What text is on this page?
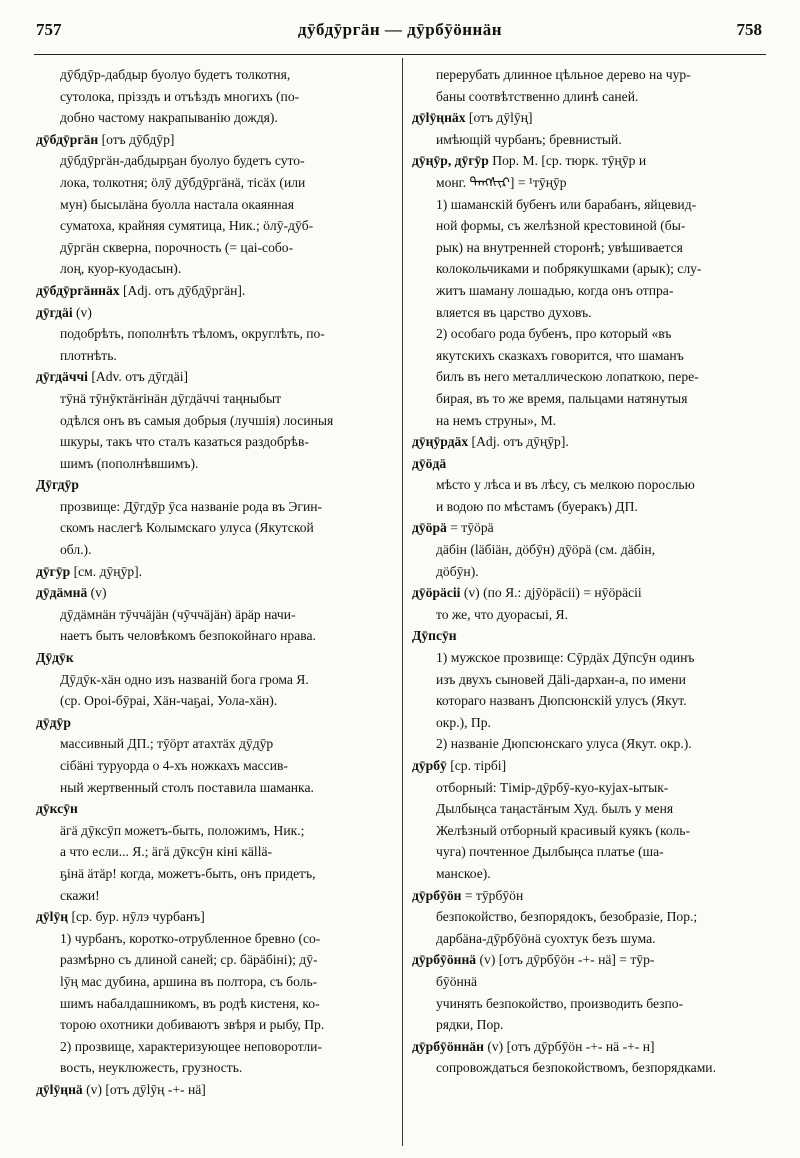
757	дӯбдӯргäн — дӯрбӯöннäн	758

дӯбдӯр-дабдыр буолуо будетъ толкотня,

сутолока, прізздъ и отъѣздъ многихъ (по-

добно частому накрапыванію дождя).

дӯбдӯргäн [отъ дӯбдӯр]

дӯбдӯргäн-дабдырҕан буолуо будетъ суто-

лока, толкотня; öлӯ дӯбдӯргäнä, тісäх (или

мун) бысылäна буолла настала окаянная

суматоха, крайняя сумятица, Ник.; öлӯ-дӯб-

дӯргäн скверна, порочность (= цаі-собо-

лоң, куор-куодасын).

дӯбдӯргäннäх [Adj. отъ дӯбдӯргäн].
дӯгдäі (v)

подобрѣть, пополнѣть тѣломъ, округлѣть, по-

плотнѣть.

дӯгдäччі [Adv. отъ дӯгдäі]

тӯнä тӯнӯктäҥінäн дӯгдäччі таңныбыт

одѣлся онъ въ самыя добрыя (лучшія) лосиныя

шкуры, такъ что сталъ казаться раздобрѣв-

шимъ (пополнѣвшимъ).

Дӯгдӯр

прозвище: Дӯгдӯр ӯса названіе рода въ Эгин-

скомъ наслегѣ Колымскаго улуса (Якутской

обл.).

дӯгӯр [см. дӯңӯр].
дӯдäмнä (v)

дӯдäмнäн тӯччäјäн (чӯччäјäн) äрäр начи-

наетъ быть человѣкомъ безпокойнаго нрава.

Дӯдӯк

Дӯдӯк-хäн одно изъ названій бога грома Я.

(ср. Ороі-бӯраі, Хäн-чаҕаі, Уола-хäн).

дӯдӯр

массивный ДП.; тӯöрт атахтäх дӯдӯр

сібäні туруорда о 4-хъ ножкахъ массив-

ный жертвенный столъ поставила шаманка.

дӯксӯн

äгä дӯксӯп можетъ-быть, положимъ, Ник.;

а что если... Я.; äгä дӯксӯн кіні кällä-

ҕінä äтäр! когда, можетъ-быть, онъ придетъ,

скажи!

дӯlӯң [ср. бур. нӯлэ чурбанъ]

1) чурбанъ, коротко-отрубленное бревно (со-

размѣрно съ длиной саней; ср. бäрäбіні); дӯ-

lӯң мас дубина, аршина въ полтора, съ боль-

шимъ набалдашникомъ, въ родѣ кистеня, ко-

торою охотники добиваютъ звѣря и рыбу, Пр.

2) прозвище, характеризующее неповоротли-

вость, неуклюжесть, грузность.

дӯlӯңнä (v) [отъ дӯlӯң -+- нä]

перерубать длинное цѣльное дерево на чур-

баны соотвѣтственно длинѣ саней.

дӯlӯңнäх [отъ дӯlӯң]

имѣющій чурбанъ; бревнистый.

дӯңӯр, дӯгӯр Пор. М. [ср. тюрк. тӯңӯр и

монг. ᠳᠡᠩᠰᠢᠷ] = ¹тӯңӯр

1) шаманскій бубенъ или барабанъ, яйцевид-

ной формы, съ желѣзной крестовиной (бы-

рык) на внутренней сторонѣ; увѣшивается

колокольчиками и побрякушками (арык); слу-

житъ шаману лошадью, когда онъ отпра-

вляется въ царство духовъ.

2) особаго рода бубенъ, про который «въ

якутскихъ сказкахъ говорится, что шаманъ

билъ въ него металлическою лопаткою, пере-

бирая, въ то же время, пальцами натянутыя

на немъ струны», М.

дӯңӯрдäх [Adj. отъ дӯңӯр].
дӯöдä

мѣсто у лѣса и въ лѣсу, съ мелкою порослью

и водою по мѣстамъ (буеракъ) ДП.

дӯöрä = тӯöрä

дäбін (läбіäн, дöбӯн) дӯöрä (см. дäбін,

дöбӯн).

дӯöрäсіі (v) (по Я.: дјӯöрäсіі) = нӯöрäсіі

то же, что дуорасыі, Я.

Дӯпсӯн

1) мужское прозвище: Сӯрдäх Дӯпсӯн одинъ

изъ двухъ сыновей Дälі-дархан-а, по имени

котораго названъ Дюпсюнскій улусъ (Якут.

окр.), Пр.

2) названіе Дюпсюнскаго улуса (Якут. окр.).

дӯрбӯ [ср. тірбі]

отборный: Тімір-дӯрбӯ-куо-куjах-ытык-

Дылбыңса таңастäҥым Худ. былъ у меня

Желѣзный отборный красивый куякъ (коль-

чуга) почтенное Дылбыңса платье (ша-

манское).

дӯрбӯöн = тӯрбӯöн

безпокойство, безпорядокъ, безобразіе, Пор.;

дарбäна-дӯрбӯöнä суохтук безъ шума.

дӯрбӯöннä (v) [отъ дӯрбӯöн -+- нä] = тӯр-

бӯöннä

учинять безпокойство, производить безпо-

рядки, Пор.

дӯрбӯöннäн (v) [отъ дӯрбӯöн -+- нä -+- н]

сопровождаться безпокойствомъ, безпорядками.
